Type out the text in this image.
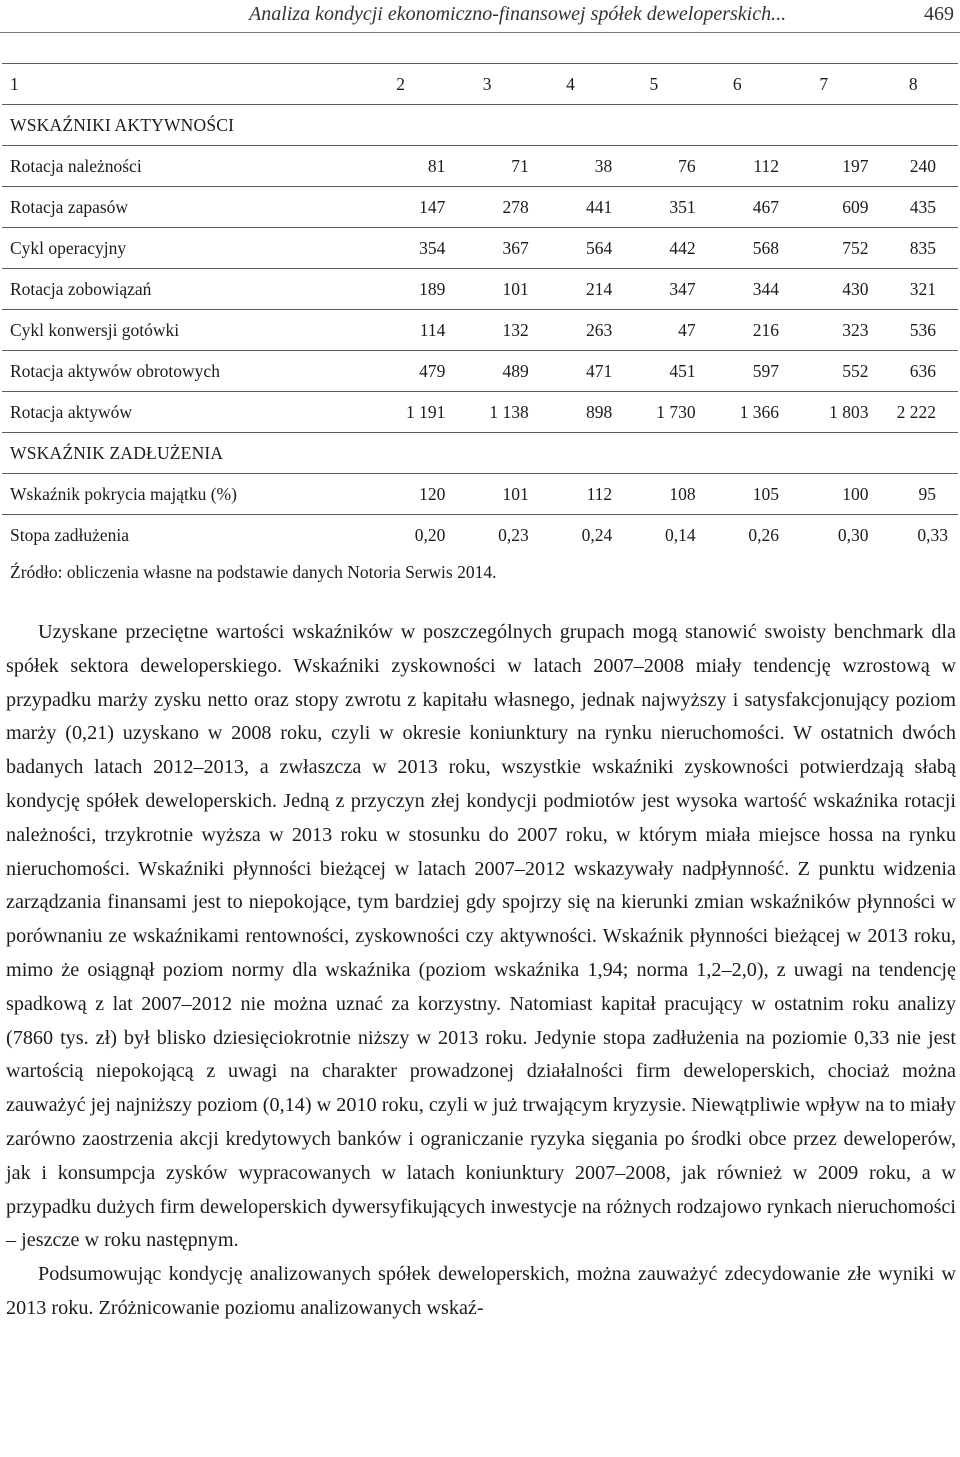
Analiza kondycji ekonomiczno-finansowej spółek deweloperskich...	469
1	2	3	4	5	6	7	8
WSKAŹNIKI AKTYWNOŚCI							
Rotacja należności	81	71	38	76	112	197	240
Rotacja zapasów	147	278	441	351	467	609	435
Cykl operacyjny	354	367	564	442	568	752	835
Rotacja zobowiązań	189	101	214	347	344	430	321
Cykl konwersji gotówki	114	132	263	47	216	323	536
Rotacja aktywów obrotowych	479	489	471	451	597	552	636
Rotacja aktywów	1 191	1 138	898	1 730	1 366	1 803	2 222
WSKAŹNIK ZADŁUŻENIA							
Wskaźnik pokrycia majątku (%)	120	101	112	108	105	100	95
Stopa zadłużenia	0,20	0,23	0,24	0,14	0,26	0,30	0,33
Źródło: obliczenia własne na podstawie danych Notoria Serwis 2014.

Uzyskane przeciętne wartości wskaźników w poszczególnych grupach mogą stanowić swoisty benchmark dla spółek sektora deweloperskiego. Wskaźniki zyskowności w latach 2007–2008 miały tendencję wzrostową w przypadku marży zysku netto oraz stopy zwrotu z kapitału własnego, jednak najwyższy i satysfakcjonujący poziom marży (0,21) uzyskano w 2008 roku, czyli w okresie koniunktury na rynku nieruchomości. W ostatnich dwóch badanych latach 2012–2013, a zwłaszcza w 2013 roku, wszystkie wskaźniki zyskowności potwierdzają słabą kondycję spółek deweloperskich. Jedną z przyczyn złej kondycji podmiotów jest wysoka wartość wskaźnika rotacji należności, trzykrotnie wyższa w 2013 roku w stosunku do 2007 roku, w którym miała miejsce hossa na rynku nieruchomości. Wskaźniki płynności bieżącej w latach 2007–2012 wskazywały nadpłynność. Z punktu widzenia zarządzania finansami jest to niepokojące, tym bardziej gdy spojrzy się na kierunki zmian wskaźników płynności w porównaniu ze wskaźnikami rentowności, zyskowności czy aktywności. Wskaźnik płynności bieżącej w 2013 roku, mimo że osiągnął poziom normy dla wskaźnika (poziom wskaźnika 1,94; norma 1,2–2,0), z uwagi na tendencję spadkową z lat 2007–2012 nie można uznać za korzystny. Natomiast kapitał pracujący w ostatnim roku analizy (7860 tys. zł) był blisko dziesięciokrotnie niższy w 2013 roku. Jedynie stopa zadłużenia na poziomie 0,33 nie jest wartością niepokojącą z uwagi na charakter prowadzonej działalności firm deweloperskich, chociaż można zauważyć jej najniższy poziom (0,14) w 2010 roku, czyli w już trwającym kryzysie. Niewątpliwie wpływ na to miały zarówno zaostrzenia akcji kredytowych banków i ograniczanie ryzyka sięgania po środki obce przez deweloperów, jak i konsumpcja zysków wypracowanych w latach koniunktury 2007–2008, jak również w 2009 roku, a w przypadku dużych firm deweloperskich dywersyfikujących inwestycje na różnych rodzajowo rynkach nieruchomości – jeszcze w roku następnym.

Podsumowując kondycję analizowanych spółek deweloperskich, można zauważyć zdecydowanie złe wyniki w 2013 roku. Zróżnicowanie poziomu analizowanych wskaź-
